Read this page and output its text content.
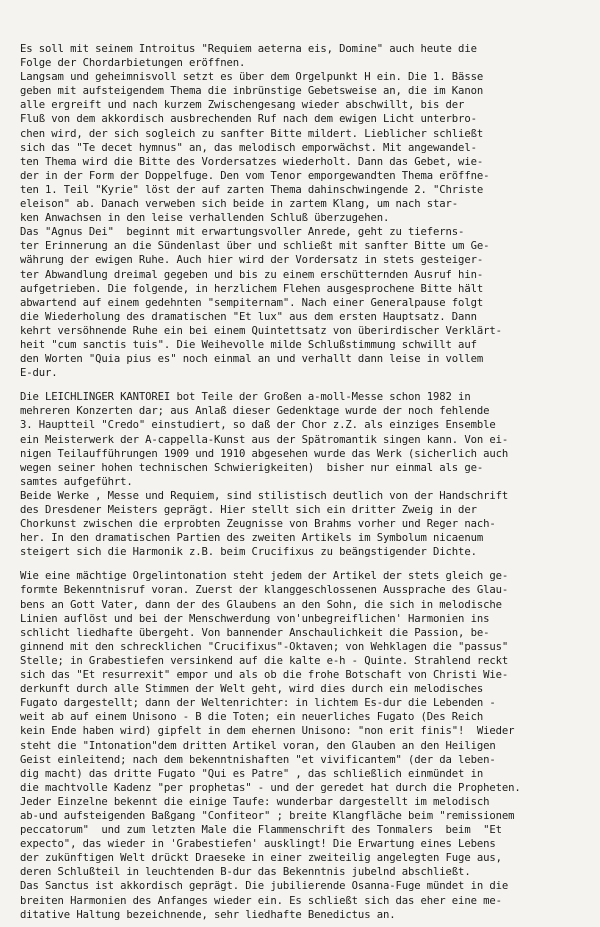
Es soll mit seinem Introitus "Requiem aeterna eis, Domine" auch heute die
Folge der Chordarbietungen eröffnen.
Langsam und geheimnisvoll setzt es über dem Orgelpunkt H ein. Die 1. Bässe
geben mit aufsteigendem Thema die inbrünstige Gebetsweise an, die im Kanon
alle ergreift und nach kurzem Zwischengesang wieder abschwillt, bis der
Fluß von dem akkordisch ausbrechenden Ruf nach dem ewigen Licht unterbro-
chen wird, der sich sogleich zu sanfter Bitte mildert. Lieblicher schließt
sich das "Te decet hymnus" an, das melodisch emporwächst. Mit angewandel-
ten Thema wird die Bitte des Vordersatzes wiederholt. Dann das Gebet, wie-
der in der Form der Doppelfuge. Den vom Tenor emporgewandten Thema eröffne-
ten 1. Teil "Kyrie" löst der auf zarten Thema dahinschwingende 2. "Christe
eleison" ab. Danach verweben sich beide in zartem Klang, um nach star-
ken Anwachsen in den leise verhallenden Schluß überzugehen.
Das "Agnus Dei"  beginnt mit erwartungsvoller Anrede, geht zu tieferns-
ter Erinnerung an die Sündenlast über und schließt mit sanfter Bitte um Ge-
währung der ewigen Ruhe. Auch hier wird der Vordersatz in stets gesteiger-
ter Abwandlung dreimal gegeben und bis zu einem erschütternden Ausruf hin-
aufgetrieben. Die folgende, in herzlichem Flehen ausgesprochene Bitte hält
abwartend auf einem gedehnten "sempiternam". Nach einer Generalpause folgt
die Wiederholung des dramatischen "Et lux" aus dem ersten Hauptsatz. Dann
kehrt versöhnende Ruhe ein bei einem Quintettsatz von überirdischer Verklärt-
heit "cum sanctis tuis". Die Weihevolle milde Schlußstimmung schwillt auf
den Worten "Quia pius es" noch einmal an und verhallt dann leise in vollem
E-dur.
Die LEICHLINGER KANTOREI bot Teile der Großen a-moll-Messe schon 1982 in
mehreren Konzerten dar; aus Anlaß dieser Gedenktage wurde der noch fehlende
3. Hauptteil "Credo" einstudiert, so daß der Chor z.Z. als einziges Ensemble
ein Meisterwerk der A-cappella-Kunst aus der Spätromantik singen kann. Von ei-
nigen Teilaufführungen 1909 und 1910 abgesehen wurde das Werk (sicherlich auch
wegen seiner hohen technischen Schwierigkeiten)  bisher nur einmal als ge-
samtes aufgeführt.
Beide Werke , Messe und Requiem, sind stilistisch deutlich von der Handschrift
des Dresdener Meisters geprägt. Hier stellt sich ein dritter Zweig in der
Chorkunst zwischen die erprobten Zeugnisse von Brahms vorher und Reger nach-
her. In den dramatischen Partien des zweiten Artikels im Symbolum nicaenum
steigert sich die Harmonik z.B. beim Crucifixus zu beängstigender Dichte.
Wie eine mächtige Orgelintonation steht jedem der Artikel der stets gleich ge-
formte Bekenntnisruf voran. Zuerst der klanggeschlossenen Aussprache des Glau-
bens an Gott Vater, dann der des Glaubens an den Sohn, die sich in melodische
Linien auflöst und bei der Menschwerdung von'unbegreiflichen' Harmonien ins
schlicht liedhafte übergeht. Von bannender Anschaulichkeit die Passion, be-
ginnend mit den schrecklichen "Crucifixus"-Oktaven; von Wehklagen die "passus"
Stelle; in Grabestiefen versinkend auf die kalte e-h - Quinte. Strahlend reckt
sich das "Et resurrexit" empor und als ob die frohe Botschaft von Christi Wie-
derkunft durch alle Stimmen der Welt geht, wird dies durch ein melodisches
Fugato dargestellt; dann der Weltenrichter: in lichtem Es-dur die Lebenden -
weit ab auf einem Unisono - B die Toten; ein neuerliches Fugato (Des Reich
kein Ende haben wird) gipfelt in dem ehernen Unisono: "non erit finis"!  Wieder
steht die "Intonation"dem dritten Artikel voran, den Glauben an den Heiligen
Geist einleitend; nach dem bekenntnishaften "et vivificantem" (der da leben-
dig macht) das dritte Fugato "Qui es Patre" , das schließlich einmündet in
die machtvolle Kadenz "per prophetas" - und der geredet hat durch die Propheten.
Jeder Einzelne bekennt die einige Taufe: wunderbar dargestellt im melodisch
ab-und aufsteigenden Baßgang "Confiteor" ; breite Klangfläche beim "remissionem
peccatorum"  und zum letzten Male die Flammenschrift des Tonmalers  beim  "Et
expecto", das wieder in 'Grabestiefen' ausklingt! Die Erwartung eines Lebens
der zukünftigen Welt drückt Draeseke in einer zweiteilig angelegten Fuge aus,
deren Schlußteil in leuchtenden B-dur das Bekenntnis jubelnd abschließt.
Das Sanctus ist akkordisch geprägt. Die jubilierende Osanna-Fuge mündet in die
breiten Harmonien des Anfanges wieder ein. Es schließt sich das eher eine me-
ditative Haltung bezeichnende, sehr liedhafte Benedictus an.
